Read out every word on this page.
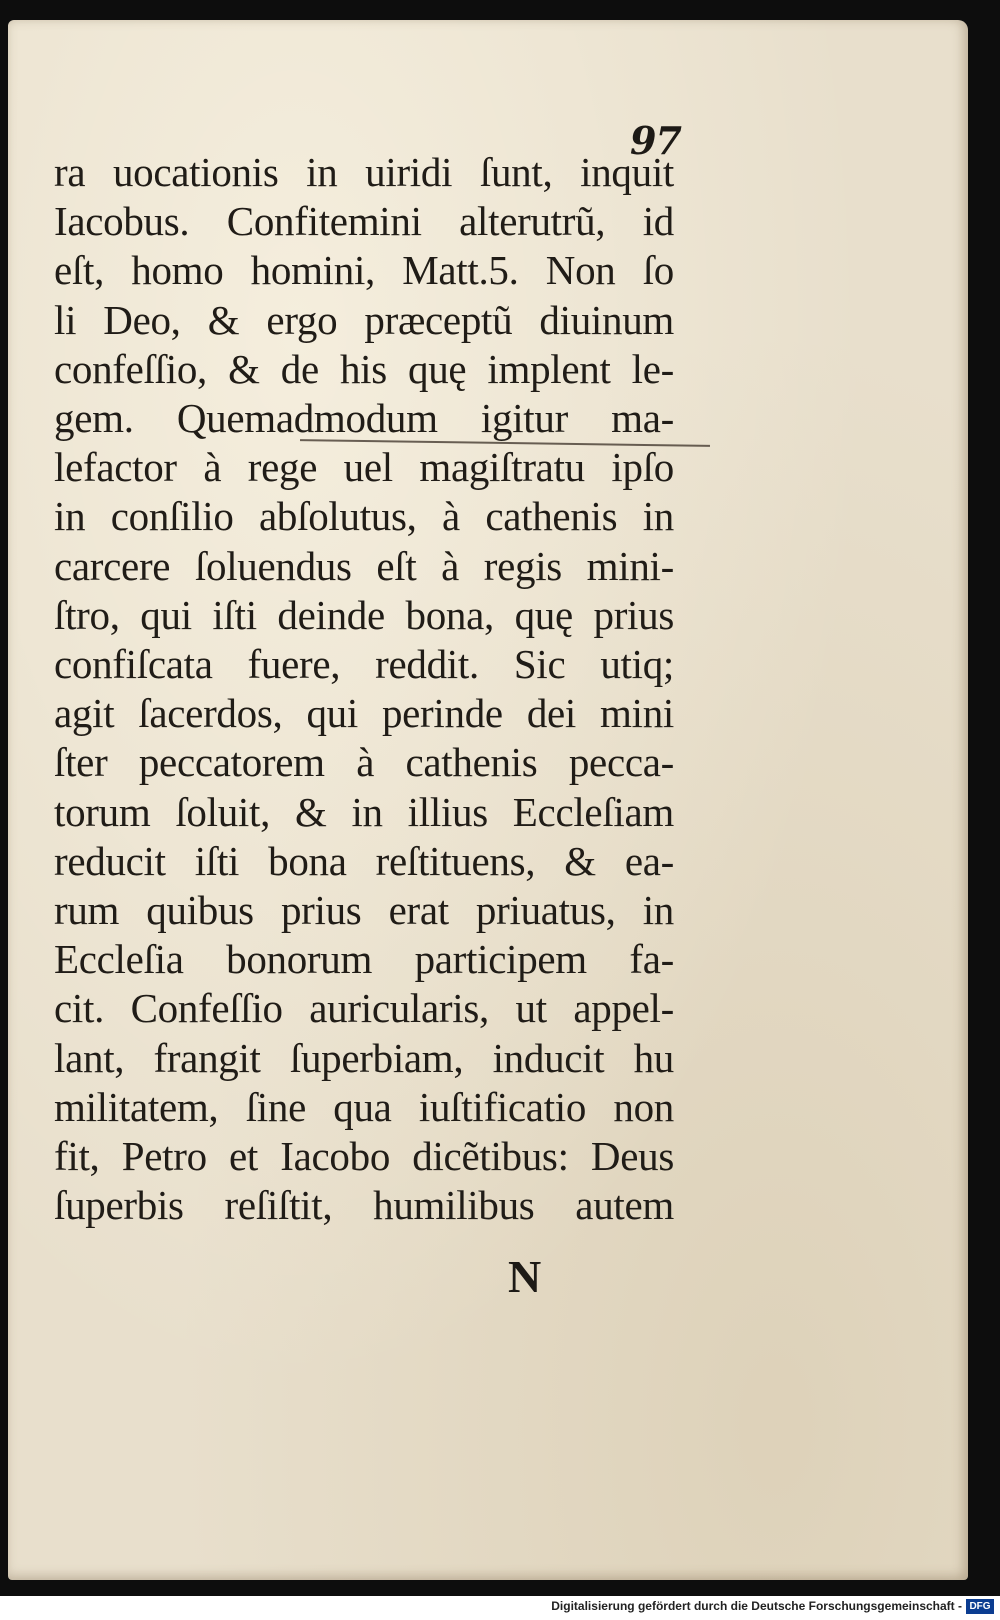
97
ra uocationis in uiridi ſunt, inquit
Iacobus. Confitemini alterutrũ, id
eſt, homo homini, Matt.5. Non ſo
li Deo, & ergo præceptũ diuinum
confeſſio, & de his quę implent le-
gem. Quemadmodum igitur ma-
lefactor à rege uel magiſtratu ipſo
in conſilio abſolutus, à cathenis in
carcere ſoluendus eſt à regis mini-
ſtro, qui iſti deinde bona, quę prius
confiſcata fuere, reddit. Sic utiq;
agit ſacerdos, qui perinde dei mini
ſter peccatorem à cathenis pecca-
torum ſoluit, & in illius Eccleſiam
reducit iſti bona reſtituens, & ea-
rum quibus prius erat priuatus, in
Eccleſia bonorum participem fa-
cit. Confeſſio auricularis, ut appel-
lant, frangit ſuperbiam, inducit hu
militatem, ſine qua iuſtificatio non
fit, Petro et Iacobo dicẽtibus: Deus
ſuperbis reſiſtit, humilibus autem
N
Digitalisierung gefördert durch die Deutsche Forschungsgemeinschaft - DFG
